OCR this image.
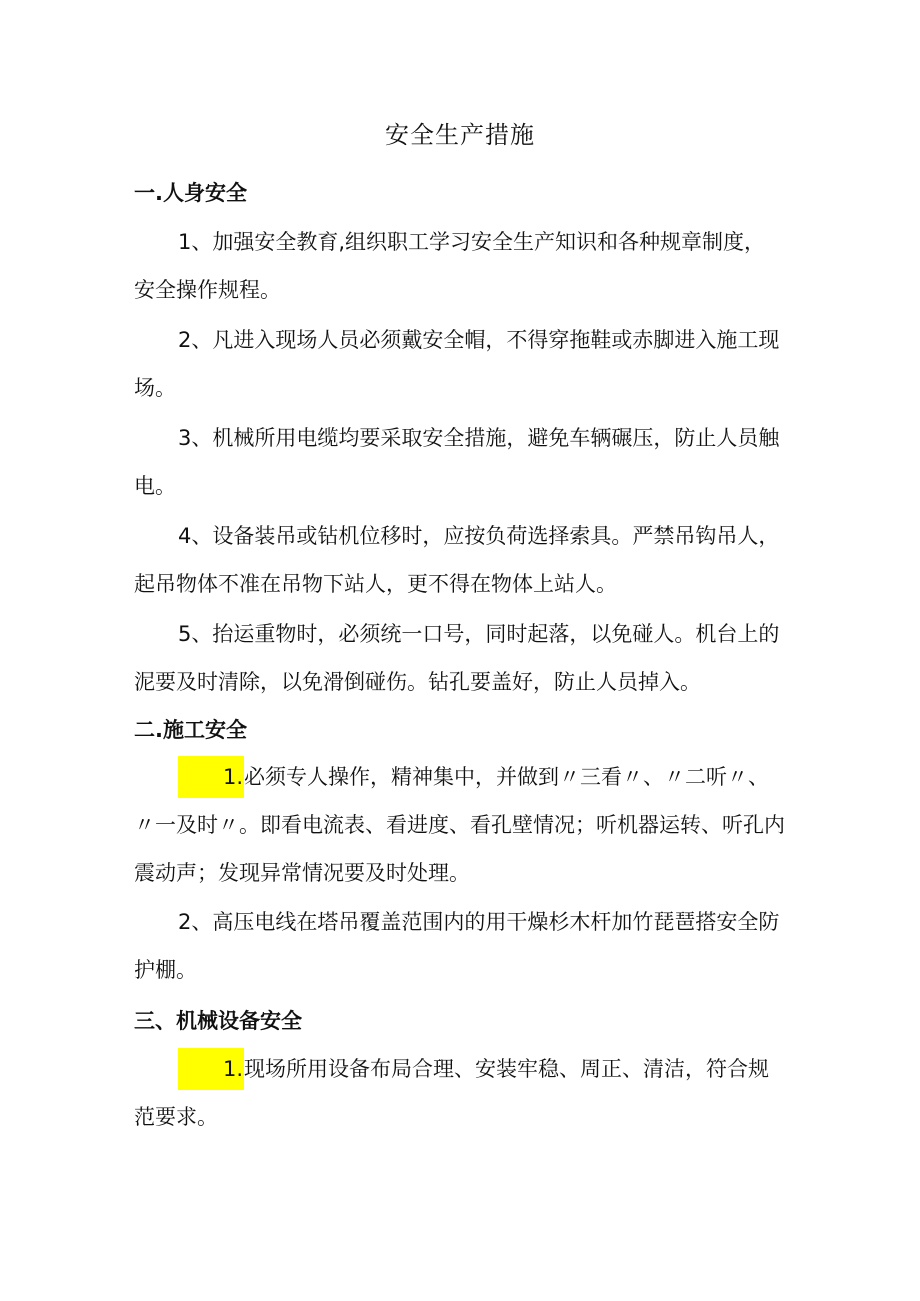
安全生产措施
一.人身安全
1、加强安全教育,组织职工学习安全生产知识和各种规章制度，安全操作规程。
2、凡进入现场人员必须戴安全帽，不得穿拖鞋或赤脚进入施工现场。
3、机械所用电缆均要采取安全措施，避免车辆碾压，防止人员触电。
4、设备装吊或钻机位移时，应按负荷选择索具。严禁吊钩吊人，起吊物体不准在吊物下站人，更不得在物体上站人。
5、抬运重物时，必须统一口号，同时起落，以免碰人。机台上的泥要及时清除，以免滑倒碰伤。钻孔要盖好，防止人员掉入。
二.施工安全
1.必须专人操作，精神集中，并做到〃三看〃、〃二听〃、〃一及时〃。即看电流表、看进度、看孔壁情况；听机器运转、听孔内震动声；发现异常情况要及时处理。
2、高压电线在塔吊覆盖范围内的用干燥杉木杆加竹琵琶搭安全防护棚。
三、机械设备安全
1.现场所用设备布局合理、安装牢稳、周正、清洁，符合规范要求。
